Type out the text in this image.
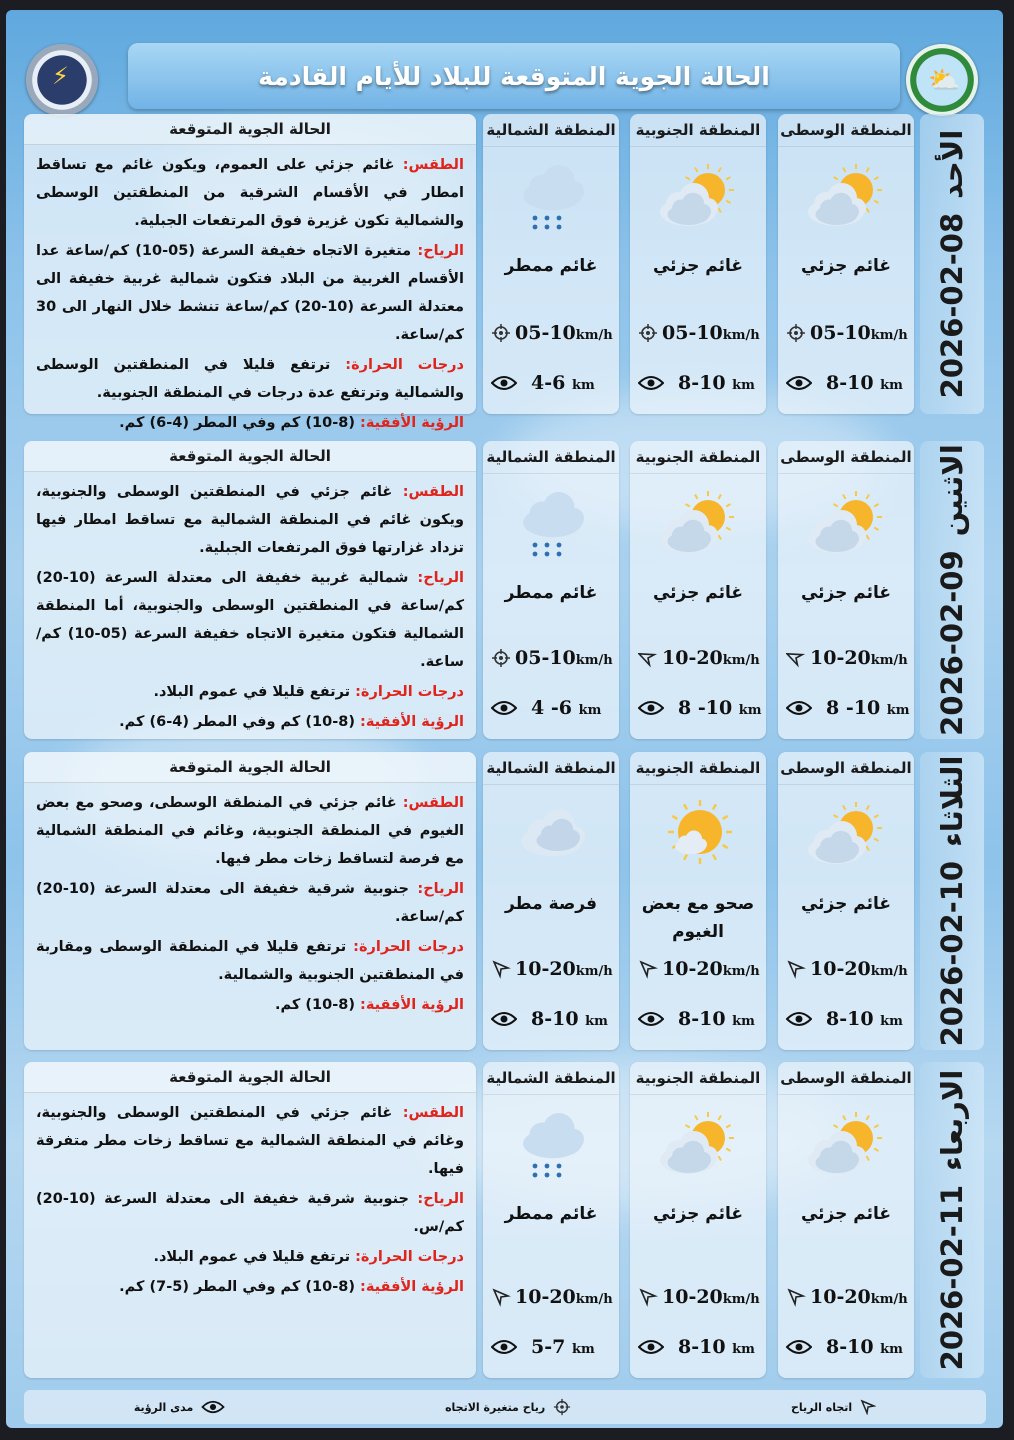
⚡	الحالة الجوية المتوقعة للبلاد للأيام القادمة	⛅
الأحد
2026-02-08
الحالة الجوية المتوقعة

الطقس: غائم جزئي على العموم، ويكون غائم مع تساقط امطار في الأقسام الشرقية من المنطقتين الوسطى والشمالية تكون غزيرة فوق المرتفعات الجبلية.

الرياح: متغيرة الاتجاه خفيفة السرعة (05-10) كم/ساعة عدا الأقسام الغربية من البلاد فتكون شمالية غربية خفيفة الى معتدلة السرعة (10-20) كم/ساعة تنشط خلال النهار الى 30 كم/ساعة.

درجات الحرارة: ترتفع قليلا في المنطقتين الوسطى والشمالية وترتفع عدة درجات في المنطقة الجنوبية.

الرؤية الأفقية: (8-10) كم وفي المطر (4-6) كم.

المنطقة الوسطى
غائم جزئي
05-10km/h
8-10 km
المنطقة الجنوبية
غائم جزئي
05-10km/h
8-10 km
المنطقة الشمالية
غائم ممطر
05-10km/h
4-6 km
الاثنين
2026-02-09
الحالة الجوية المتوقعة

الطقس: غائم جزئي في المنطقتين الوسطى والجنوبية، ويكون غائم في المنطقة الشمالية مع تساقط امطار فيها تزداد غزارتها فوق المرتفعات الجبلية.

الرياح: شمالية غربية خفيفة الى معتدلة السرعة (10-20) كم/ساعة في المنطقتين الوسطى والجنوبية، أما المنطقة الشمالية فتكون متغيرة الاتجاه خفيفة السرعة (05-10) كم/ساعة.

درجات الحرارة: ترتفع قليلا في عموم البلاد.

الرؤية الأفقية: (8-10) كم وفي المطر (4-6) كم.

المنطقة الوسطى
غائم جزئي
10-20km/h
8 -10 km
المنطقة الجنوبية
غائم جزئي
10-20km/h
8 -10 km
المنطقة الشمالية
غائم ممطر
05-10km/h
4 -6 km
الثلاثاء
2026-02-10
الحالة الجوية المتوقعة

الطقس: غائم جزئي في المنطقة الوسطى، وصحو مع بعض الغيوم في المنطقة الجنوبية، وغائم في المنطقة الشمالية مع فرصة لتساقط زخات مطر فيها.

الرياح: جنوبية شرقية خفيفة الى معتدلة السرعة (10-20) كم/ساعة.

درجات الحرارة: ترتفع قليلا في المنطقة الوسطى ومقاربة في المنطقتين الجنوبية والشمالية.

الرؤية الأفقية: (8-10) كم.

المنطقة الوسطى
غائم جزئي
10-20km/h
8-10 km
المنطقة الجنوبية
صحو مع بعض الغيوم
10-20km/h
8-10 km
المنطقة الشمالية
فرصة مطر
10-20km/h
8-10 km
الاربعاء
2026-02-11
الحالة الجوية المتوقعة

الطقس: غائم جزئي في المنطقتين الوسطى والجنوبية، وغائم في المنطقة الشمالية مع تساقط زخات مطر متفرقة فيها.

الرياح: جنوبية شرقية خفيفة الى معتدلة السرعة (10-20) كم/س.

درجات الحرارة: ترتفع قليلا في عموم البلاد.

الرؤية الأفقية: (8-10) كم وفي المطر (5-7) كم.

المنطقة الوسطى
غائم جزئي
10-20km/h
8-10 km
المنطقة الجنوبية
غائم جزئي
10-20km/h
8-10 km
المنطقة الشمالية
غائم ممطر
10-20km/h
5-7 km
اتجاه الرياح
رياح متغيرة الاتجاه
مدى الرؤية
